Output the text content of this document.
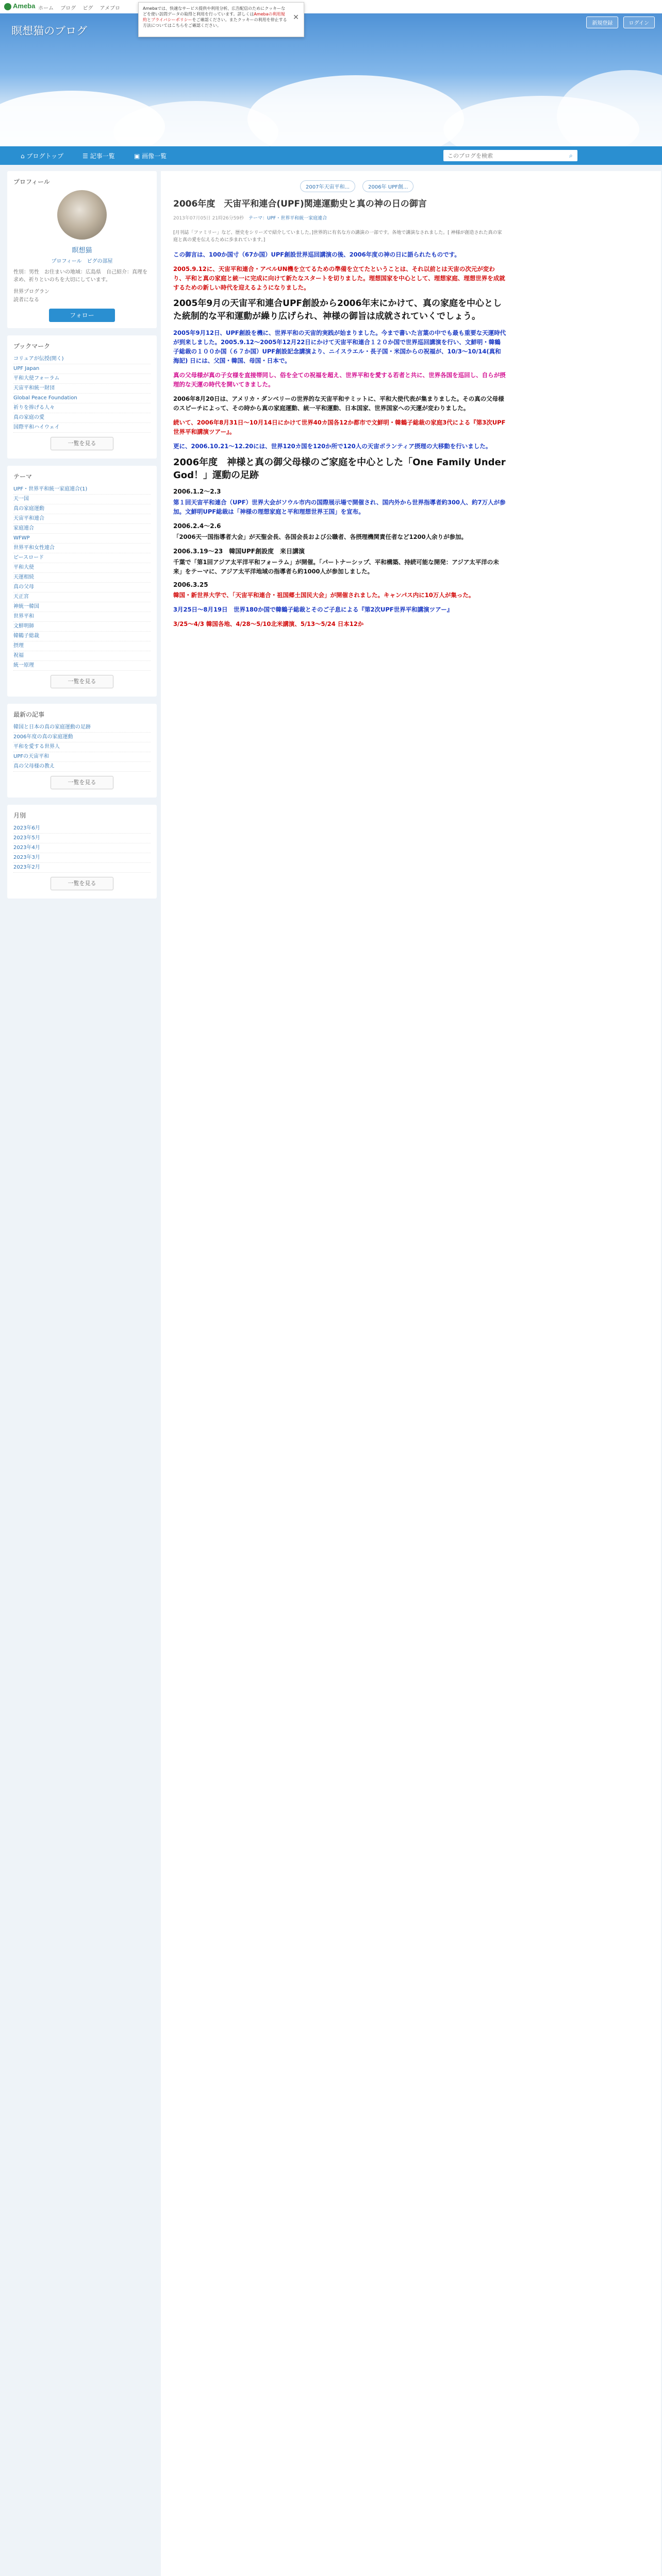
Ameba ホーム ブログ ピグ アメブロ	Amebaでは、快適なサービス提供や利用分析、広告配信のためにクッキーなどを使い訪問データの取得と利用を行っています。詳しくはAmebaの利用規約とプライバシーポリシーをご確認ください。またクッキーの利用を停止する方法についてはこちらをご確認ください。
✕
瞑想猫のブログ
新規登録	ログイン
⌂ ブログトップ	☰ 記事一覧	▣ 画像一覧
このブログを検索	⌕
プロフィール
瞑想猫
プロフィール　ピグの部屋
性別：男性　お住まいの地域：広島県　自己紹介：真理を求め、祈りといのちを大切にしています。
世界プログラン
読者になる
フォロー
ブックマーク
コリュアが伝授(開く)
UPF Japan
平和大使フォーラム
天宙平和統一財団
Global Peace Foundation
祈りを捧げる人々
真の家庭の愛
国際平和ハイウェイ
一覧を見る
テーマ
UPF・世界平和統一家庭連合(1)
天一国
真の家庭運動
天宙平和連合
家庭連合
WFWP
世界平和女性連合
ピースロード
平和大使
天運相続
真の父母
天正宮
神統一韓国
世界平和
文鮮明師
韓鶴子総裁
摂理
祝福
統一原理
一覧を見る
最新の記事
韓国と日本の真の家庭運動の足跡
2006年度の真の家庭運動
平和を愛する世界人
UPFの天宙平和
真の父母様の教え
一覧を見る
月別
2023年6月
2023年5月
2023年4月
2023年3月
2023年2月
一覧を見る
2007年天宙平和...	2006年 UPF創...
2006年度　天宙平和連合(UPF)関連運動史と真の神の日の御言
2013年07月05日 21時26分59秒　 テーマ：UPF・世界平和統一家庭連合
[月刊誌「ファミリー」など、歴史をシリーズで紹介していました。]世界的に有名な方の講演の一部です。各地で講演なされました。[ 神様が創造された真の家庭と真の愛を伝えるために歩まれています。]

この御言は、100か国寸（67か国）UPF創設世界巡回講演の後、2006年度の神の日に語られたものです。

2005.9.12に、天宙平和連合・アベルUN機を立てるための準備を立てたということは、それ以前とは天宙の次元が変わり、平和と真の家庭と統一に完成に向けて新たなスタートを切りました。理想国家を中心として、理想家庭、理想世界を成就するための新しい時代を迎えるようになりました。

2005年9月の天宙平和連合UPF創設から2006年末にかけて、真の家庭を中心とした統制的な平和運動が繰り広げられ、神様の御旨は成就されていくでしょう。

2005年9月12日、UPF創設を機に、世界平和の天宙的実践が始まりました。今まで書いた言葉の中でも最も重要な天運時代が到来しました。2005.9.12～2005年12月22日にかけて天宙平和連合１２０か国で世界巡回講演を行い、文鮮明・韓鶴子総裁の１００か国（６７か国）UPF創設記念講演より、ニイスラエル・長子国・米国からの祝福が、10/3～10/14(真和海記) 日には、父国・韓国、母国・日本で。

真の父母様が真の子女様を直接帯同し、俗を全ての祝福を超え、世界平和を愛する若者と共に、世界各国を巡回し、自らが摂理的な天運の時代を開いてきました。

2006年8月20日は、アメリカ・ダンベリーの世界的な天宙平和サミットに、平和大使代表が集まりました。その真の父母様のスピーチによって、その時から真の家庭運動、統一平和運動、日本国家、世界国家への天運が変わりました。

続いて、2006年8月31日～10月14日にかけて世界40カ国各12か都市で文鮮明・韓鶴子総裁の家庭3代による『第3次UPF世界平和講演ツアー』。

更に、2006.10.21～12.20には、世界120カ国を120か所で120人の天宙ボランティア摂理の大移動を行いました。

2006年度　神様と真の御父母様のご家庭を中心とした「One Family Under God！」運動の足跡
2006.1.2～2.3

第１回天宙平和連合（UPF）世界大会がソウル市内の国際展示場で開催され、国内外から世界指導者約300人、約7万人が参加。文鮮明UPF総裁は「神様の理想家庭と平和理想世界王国」を宣布。

2006.2.4～2.6

「2006天一国指導者大会」が天聖会長、各国会長および公職者、各摂理機関責任者など1200人余りが参加。

2006.3.19～23　韓国UPF創設度　来日講演

千葉で「第1回アジア太平洋平和フォーラム」が開催。「パートナーシップ、平和構築、持続可能な開発：アジア太平洋の未来」をテーマに、アジア太平洋地域の指導者ら約1000人が参加しました。

2006.3.25

韓国・新世界大学で、「天宙平和連合・祖国郷土国民大会」が開催されました。キャンパス内に10万人が集った。

3月25日～8月19日　世界180か国で韓鶴子総裁とそのご子息による『第2次UPF世界平和講演ツアー』

3/25～4/3 韓国各地、4/28～5/10北米講演、5/13～5/24 日本12か
